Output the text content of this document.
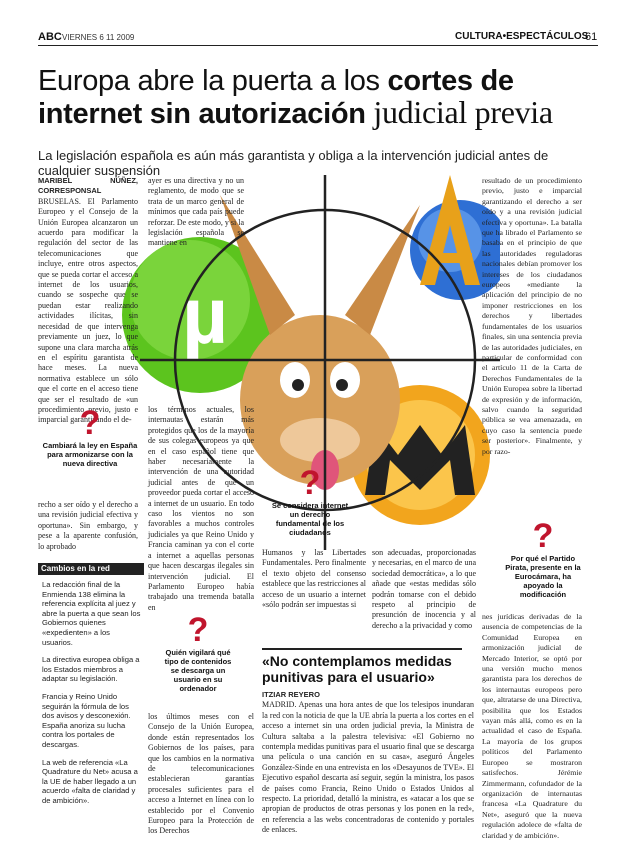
ABC VIERNES 6 11 2009	CULTURA•ESPECTÁCULOS
61
Europa abre la puerta a los cortes de
internet sin autorización judicial previa
La legislación española es aún más garantista y obliga a la intervención judicial antes de cualquier suspensión
µ
MARIBEL NÚÑEZ, CORRESPONSAL
BRUSELAS. El Parlamento Europeo y el Consejo de la Unión Europea alcanzaron un acuerdo para modificar la regulación del sector de las telecomunicaciones que incluye, entre otros aspectos, que se pueda cortar el acceso a internet de los usuarios, cuando se sospeche que se puedan estar realizando actividades ilícitas, sin necesidad de que intervenga previamente un juez, lo que supone una clara marcha atrás en el espíritu garantista de hace meses. La nueva normativa establece un sólo que el corte en el acceso tiene que ser el resultado de «un procedimiento previo, justo e imparcial garantizando el de-
?
Cambiará la ley en España para armonizarse con la nueva directiva
recho a ser oído y el derecho a una revisión judicial efectiva y oportuna». Sin embargo, y pese a la aparente confusión, lo aprobado
Cambios en la red

La redacción final de la Enmienda 138 elimina la referencia explícita al juez y abre la puerta a que sean los Gobiernos quienes «expedienten» a los usuarios.

La directiva europea obliga a los Estados miembros a adaptar su legislación.

Francia y Reino Unido seguirán la fórmula de los dos avisos y desconexión. España anoriza su lucha contra los portales de descargas.

La web de referencia «La Quadrature du Net» acusa a la UE de haber llegado a un acuerdo «falta de claridad y de ambición».

ayer es una directiva y no un reglamento, de modo que se trata de un marco general de mínimos que cada país puede reforzar. De este modo, y si la legislación española se mantiene en
los términos actuales, los internautas estarán más protegidos que los de la mayoría de sus colegas europeos ya que en el caso español tiene que haber necesariamente la intervención de una autoridad judicial antes de que un proveedor pueda cortar el acceso a internet de un usuario. En todo caso los vientos no son favorables a muchos controles judiciales ya que Reino Unido y Francia caminan ya con el corte a internet a aquellas personas que hacen descargas ilegales sin intervención judicial. El Parlamento Europeo había trabajado una tremenda batalla en
?
Quién vigilará qué tipo de contenidos se descarga un usuario en su ordenador
los últimos meses con el Consejo de la Unión Europea, donde están representados los Gobiernos de los países, para que los cambios en la normativa de telecomunicaciones establecieran garantías procesales suficientes para el acceso a Internet en línea con lo establecido por el Convenio Europeo para la Protección de los Derechos
?
Se considera internet un derecho fundamental de los ciudadanos
Humanos y las Libertades Fundamentales. Pero finalmente el texto objeto del consenso establece que las restricciones al acceso de un usuario a internet «sólo podrán ser impuestas si
son adecuadas, proporcionadas y necesarias, en el marco de una sociedad democrática», a lo que añade que «estas medidas sólo podrán tomarse con el debido respeto al principio de presunción de inocencia y al derecho a la privacidad y como
resultado de un procedimiento previo, justo e imparcial garantizando el derecho a ser oído y a una revisión judicial efectiva y oportuna». La batalla que ha librado el Parlamento se basaba en el principio de que las autoridades reguladoras nacionales debían promover los intereses de los ciudadanos europeos «mediante la aplicación del principio de no imponer restricciones en los derechos y libertades fundamentales de los usuarios finales, sin una sentencia previa de las autoridades judiciales, en particular de conformidad con el artículo 11 de la Carta de Derechos Fundamentales de la Unión Europea sobre la libertad de expresión y de información, salvo cuando la seguridad pública se vea amenazada, en cuyo caso la sentencia puede ser posterior». Finalmente, y por razo-
?
Por qué el Partido Pirata, presente en la Eurocámara, ha apoyado la modificación
nes jurídicas derivadas de la ausencia de competencias de la Comunidad Europea en armonización judicial de Mercado Interior, se optó por una versión mucho menos garantista para los derechos de los internautas europeos pero que, altratarse de una Directiva, posibilita que los Estados vayan más allá, como es en la actualidad el caso de España. La mayoría de los grupos políticos del Parlamento Europeo se mostraron satisfechos. Jérémie Zimmermann, cofundador de la organización de internautas francesa «La Quadrature du Net», aseguró que la nueva regulación adolece de «falta de claridad y de ambición».
«No contemplamos medidas punitivas para el usuario»
ITZIAR REYERO
MADRID. Apenas una hora antes de que los telesipos inundaran la red con la noticia de que la UE abría la puerta a los cortes en el acceso a internet sin una orden judicial previa, la Ministra de Cultura saltaba a la palestra televisiva: «El Gobierno no contempla medidas punitivas para el usuario final que se descarga una película o una canción en su casa», aseguró Ángeles González-Sinde en una entrevista en los «Desayunos de TVE». El Ejecutivo español descarta así seguir, según la ministra, los pasos de países como Francia, Reino Unido o Estados Unidos al respecto. La prioridad, detalló la ministra, es «atacar a los que se apropian de productos de otras personas y los ponen en la red», en referencia a las webs concentradoras de contenido y portales de enlaces.
